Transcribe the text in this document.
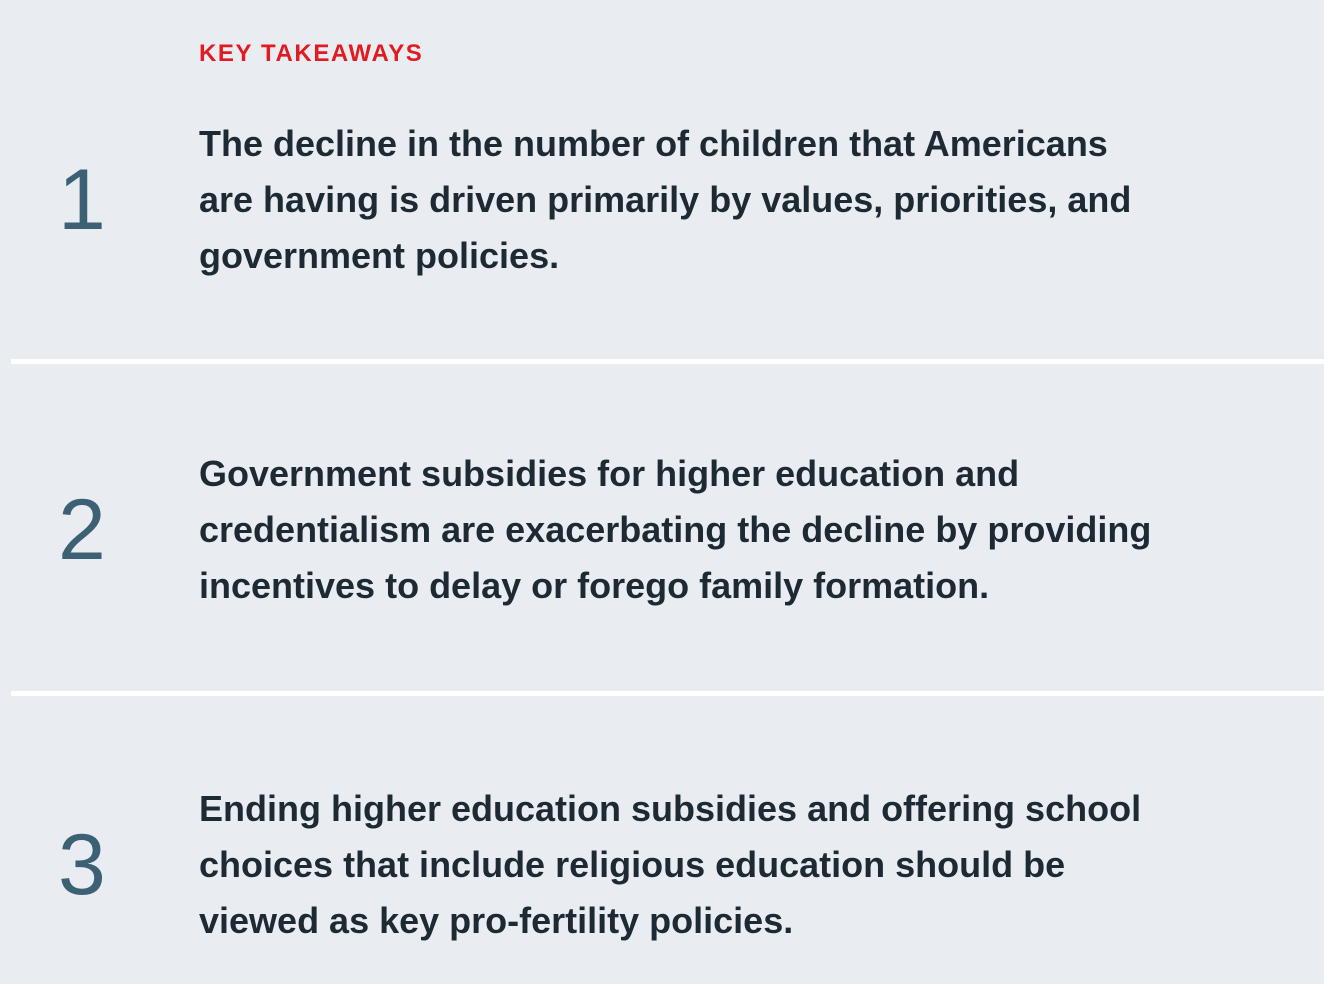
KEY TAKEAWAYS
1
The decline in the number of children that Americans
are having is driven primarily by values, priorities, and
government policies.
2
Government subsidies for higher education and
credentialism are exacerbating the decline by providing
incentives to delay or forego family formation.
3
Ending higher education subsidies and offering school
choices that include religious education should be
viewed as key pro-fertility policies.
